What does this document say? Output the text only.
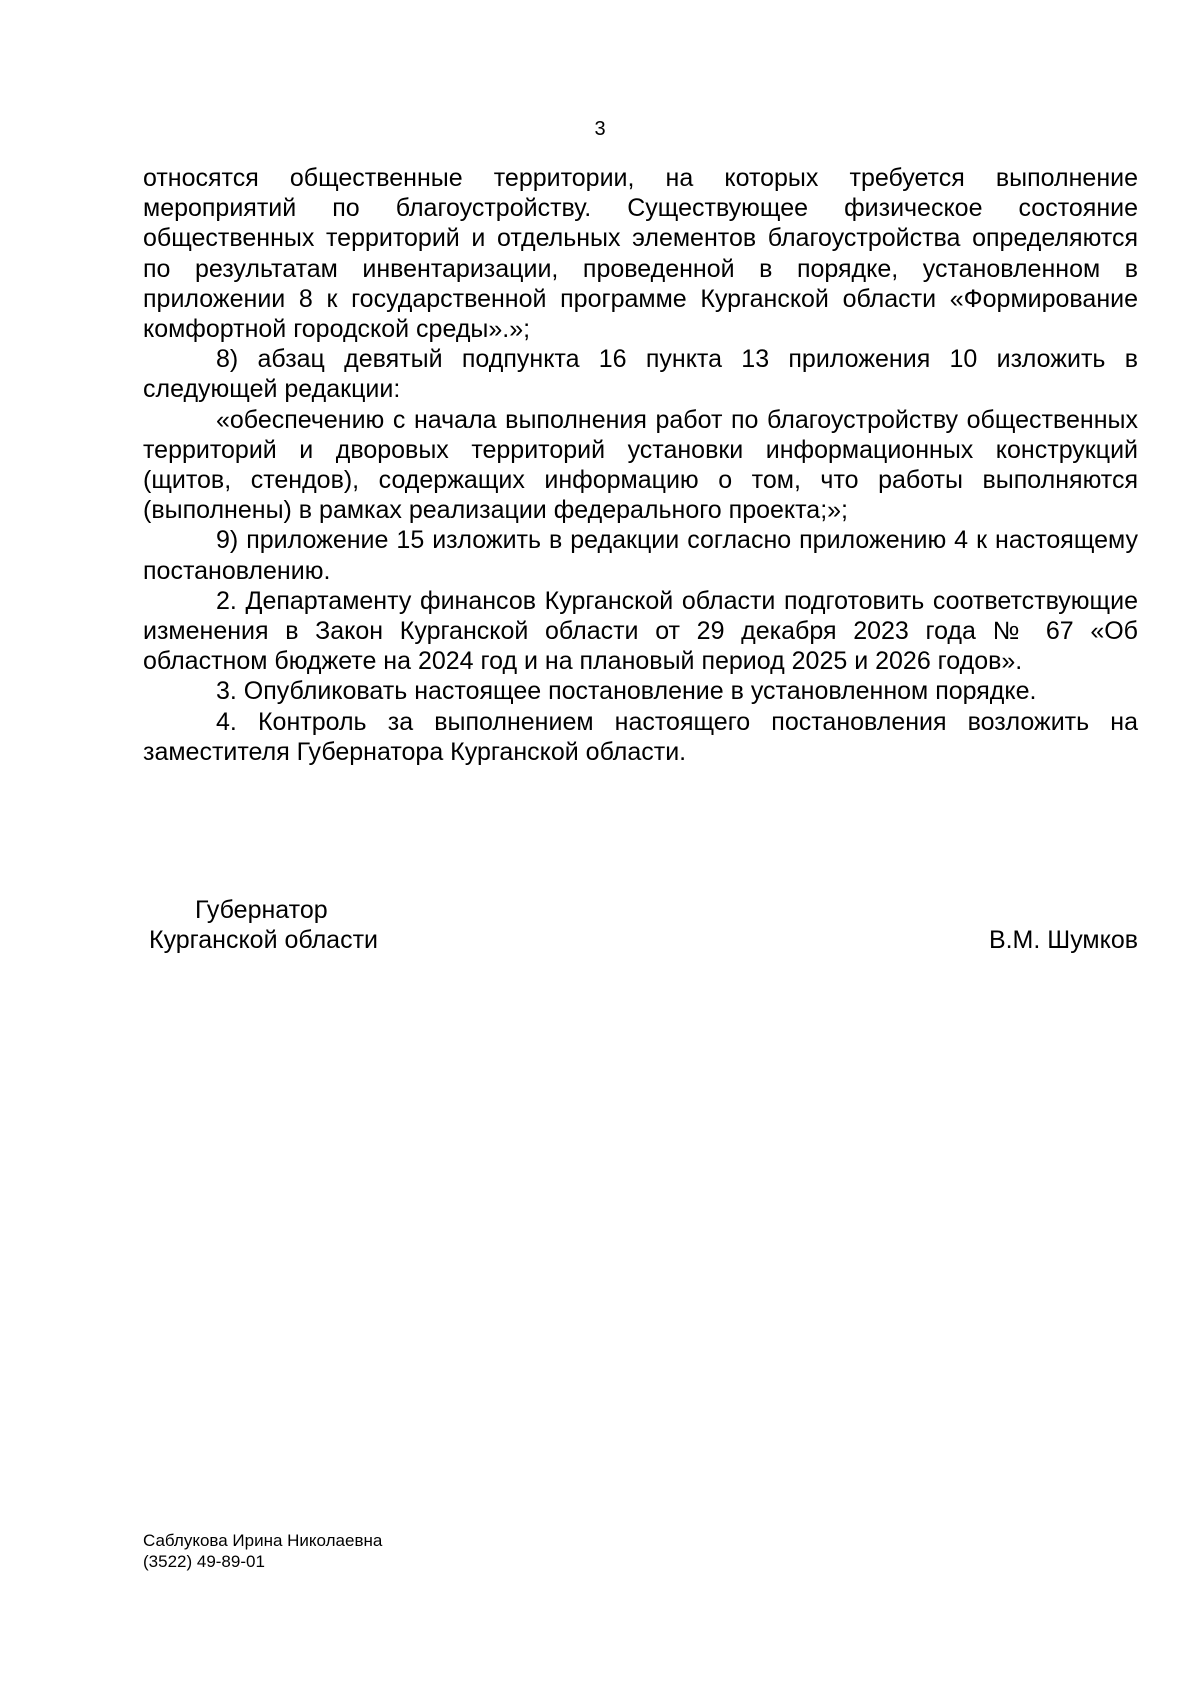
3

относятся общественные территории, на которых требуется выполнение мероприятий по благоустройству. Существующее физическое состояние общественных территорий и отдельных элементов благоустройства определяются по результатам инвентаризации, проведенной в порядке, установленном в приложении 8 к государственной программе Курганской области «Формирование комфортной городской среды».»;

8) абзац девятый подпункта 16 пункта 13 приложения 10 изложить в следующей редакции:

«обеспечению с начала выполнения работ по благоустройству общественных территорий и дворовых территорий установки информационных конструкций (щитов, стендов), содержащих информацию о том, что работы выполняются (выполнены) в рамках реализации федерального проекта;»;

9) приложение 15 изложить в редакции согласно приложению 4 к настоящему постановлению.

2. Департаменту финансов Курганской области подготовить соответствующие изменения в Закон Курганской области от 29 декабря 2023 года № 67 «Об областном бюджете на 2024 год и на плановый период 2025 и 2026 годов».

3. Опубликовать настоящее постановление в установленном порядке.

4. Контроль за выполнением настоящего постановления возложить на заместителя Губернатора Курганской области.

Губернатор
Курганской области	В.М. Шумков
Саблукова Ирина Николаевна
(3522) 49-89-01
